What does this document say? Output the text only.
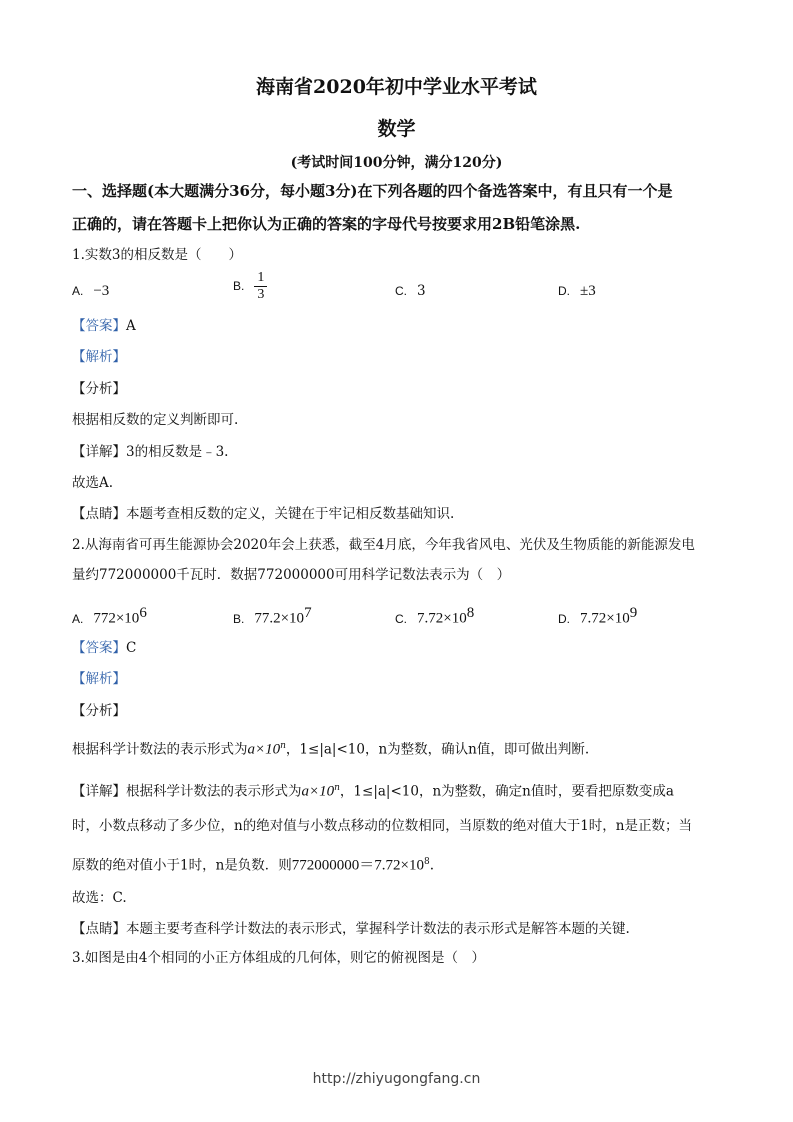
海南省2020年初中学业水平考试
数学
(考试时间100分钟，满分120分)
一、选择题(本大题满分36分，每小题3分)在下列各题的四个备选答案中，有且只有一个是
正确的，请在答题卡上把你认为正确的答案的字母代号按要求用2B铅笔涂黑.
1.实数3的相反数是（　　）
A. −3	B. $\frac{1}{3}$	C. 3	D. ±3
【答案】A
【解析】
【分析】
根据相反数的定义判断即可.
【详解】3的相反数是﹣3.
故选A.
【点睛】本题考查相反数的定义，关键在于牢记相反数基础知识.
2.从海南省可再生能源协会2020年会上获悉，截至4月底，今年我省风电、光伏及生物质能的新能源发电
量约772000000千瓦时．数据772000000可用科学记数法表示为（　）
A. $772\times 10^6$	B. $77.2\times 10^7$	C. $7.72\times 10^8$	D. $7.72\times 10^9$
【答案】C
【解析】
【分析】
根据科学计数法的表示形式为$a\times 10^n$，1≤|a|<10，n为整数，确认n值，即可做出判断.
【详解】根据科学计数法的表示形式为$a\times 10^n$，1≤|a|<10，n为整数，确定n值时，要看把原数变成a
时，小数点移动了多少位，n的绝对值与小数点移动的位数相同，当原数的绝对值大于1时，n是正数；当
原数的绝对值小于1时，n是负数．则$772000000=7.72\times 10^8$.
故选：C.
【点睛】本题主要考查科学计数法的表示形式，掌握科学计数法的表示形式是解答本题的关键.
3.如图是由4个相同的小正方体组成的几何体，则它的俯视图是（　）
http://zhiyugongfang.cn
